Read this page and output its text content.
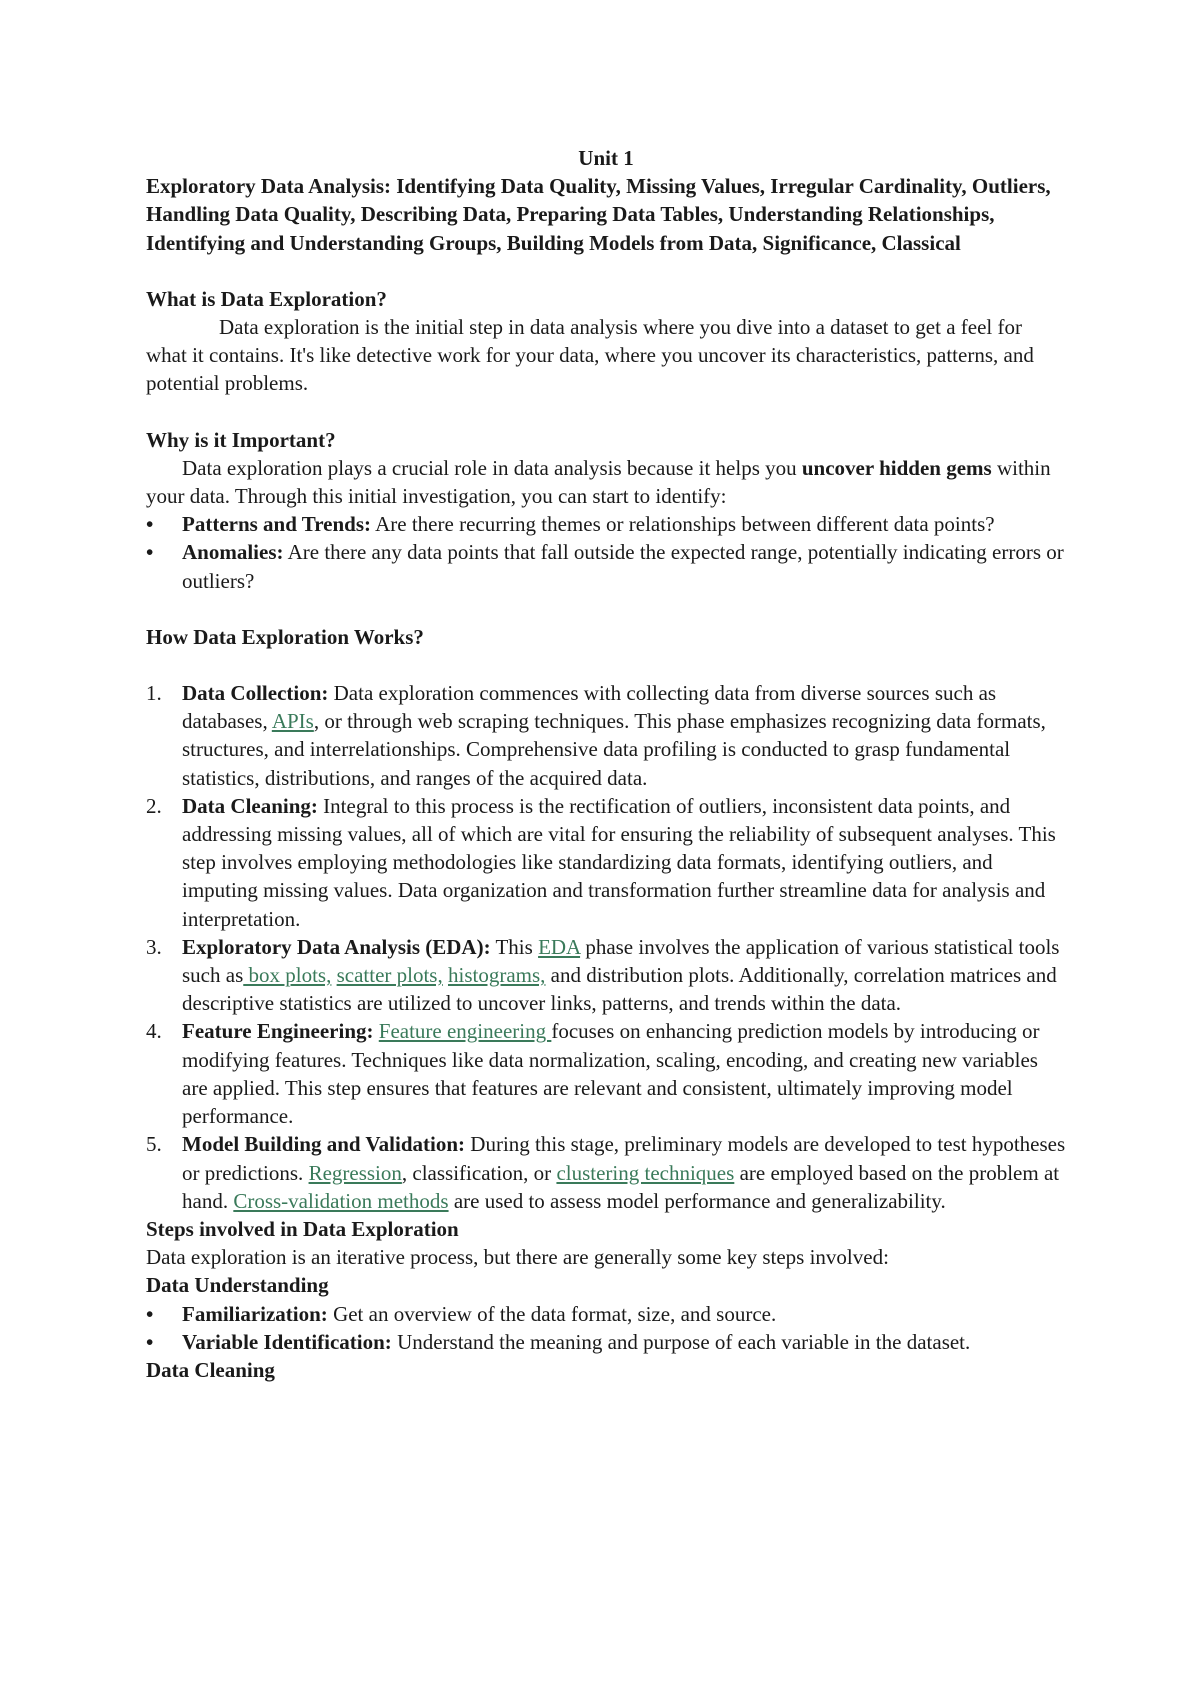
Unit 1

Exploratory Data Analysis: Identifying Data Quality, Missing Values, Irregular Cardinality, Outliers, Handling Data Quality, Describing Data, Preparing Data Tables, Understanding Relationships, Identifying and Understanding Groups, Building Models from Data, Significance, Classical

What is Data Exploration?

Data exploration is the initial step in data analysis where you dive into a dataset to get a feel for what it contains. It's like detective work for your data, where you uncover its characteristics, patterns, and potential problems.

Why is it Important?

Data exploration plays a crucial role in data analysis because it helps you uncover hidden gems within your data. Through this initial investigation, you can start to identify:

• Patterns and Trends: Are there recurring themes or relationships between different data points?
• Anomalies: Are there any data points that fall outside the expected range, potentially indicating errors or outliers?

How Data Exploration Works?

1. Data Collection: Data exploration commences with collecting data from diverse sources such as databases, APIs, or through web scraping techniques. This phase emphasizes recognizing data formats, structures, and interrelationships. Comprehensive data profiling is conducted to grasp fundamental statistics, distributions, and ranges of the acquired data.
2. Data Cleaning: Integral to this process is the rectification of outliers, inconsistent data points, and addressing missing values, all of which are vital for ensuring the reliability of subsequent analyses. This step involves employing methodologies like standardizing data formats, identifying outliers, and imputing missing values. Data organization and transformation further streamline data for analysis and interpretation.
3. Exploratory Data Analysis (EDA): This EDA phase involves the application of various statistical tools such as box plots, scatter plots, histograms, and distribution plots. Additionally, correlation matrices and descriptive statistics are utilized to uncover links, patterns, and trends within the data.
4. Feature Engineering: Feature engineering focuses on enhancing prediction models by introducing or modifying features. Techniques like data normalization, scaling, encoding, and creating new variables are applied. This step ensures that features are relevant and consistent, ultimately improving model performance.
5. Model Building and Validation: During this stage, preliminary models are developed to test hypotheses or predictions. Regression, classification, or clustering techniques are employed based on the problem at hand. Cross-validation methods are used to assess model performance and generalizability.

Steps involved in Data Exploration

Data exploration is an iterative process, but there are generally some key steps involved:

Data Understanding

• Familiarization: Get an overview of the data format, size, and source.
• Variable Identification: Understand the meaning and purpose of each variable in the dataset.

Data Cleaning
